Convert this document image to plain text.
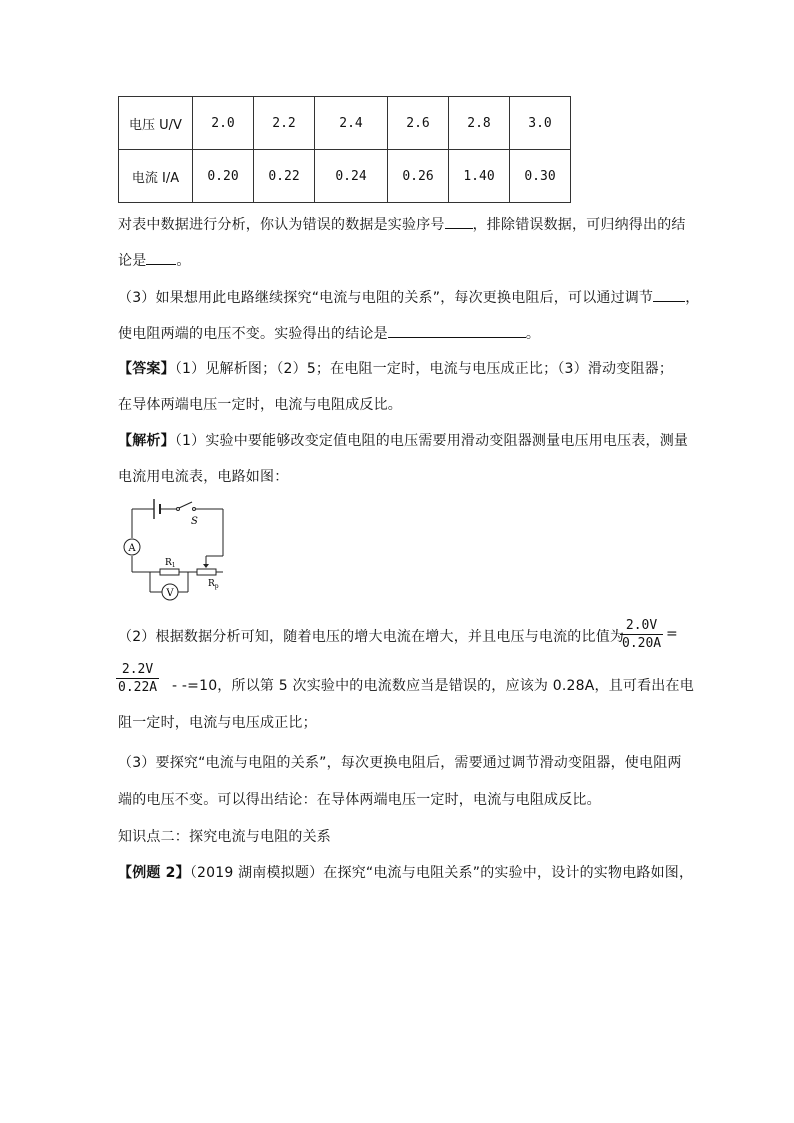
电压 U/V	2.0	2.2	2.4	2.6	2.8	3.0
电流 I/A	0.20	0.22	0.24	0.26	1.40	0.30
对表中数据进行分析，你认为错误的数据是实验序号 ，排除错误数据，可归纳得出的结
论是 。
（3）如果想用此电路继续探究“电流与电阻的关系”，每次更换电阻后，可以通过调节 ，
使电阻两端的电压不变。实验得出的结论是	。
【答案】（1）见解析图；（2）5；在电阻一定时，电流与电压成正比；（3）滑动变阻器；
在导体两端电压一定时，电流与电阻成反比。
【解析】（1）实验中要能够改变定值电阻的电压需要用滑动变阻器测量电压用电压表，测量
电流用电流表，电路如图：
A
V
S
$R_1$
$R_p$
（2）根据数据分析可知，随着电压的增大电流在增大，并且电压与电流的比值为
2.0V
0.20A
=
2.2V
0.22A - -=10，所以第 5 次实验中的电流数应当是错误的，应该为 0.28A，且可看出在电
阻一定时，电流与电压成正比；
（3）要探究“电流与电阻的关系”，每次更换电阻后，需要通过调节滑动变阻器，使电阻两
端的电压不变。可以得出结论：在导体两端电压一定时，电流与电阻成反比。
知识点二：探究电流与电阻的关系
【例题 2】（2019 湖南模拟题）在探究“电流与电阻关系”的实验中，设计的实物电路如图，
